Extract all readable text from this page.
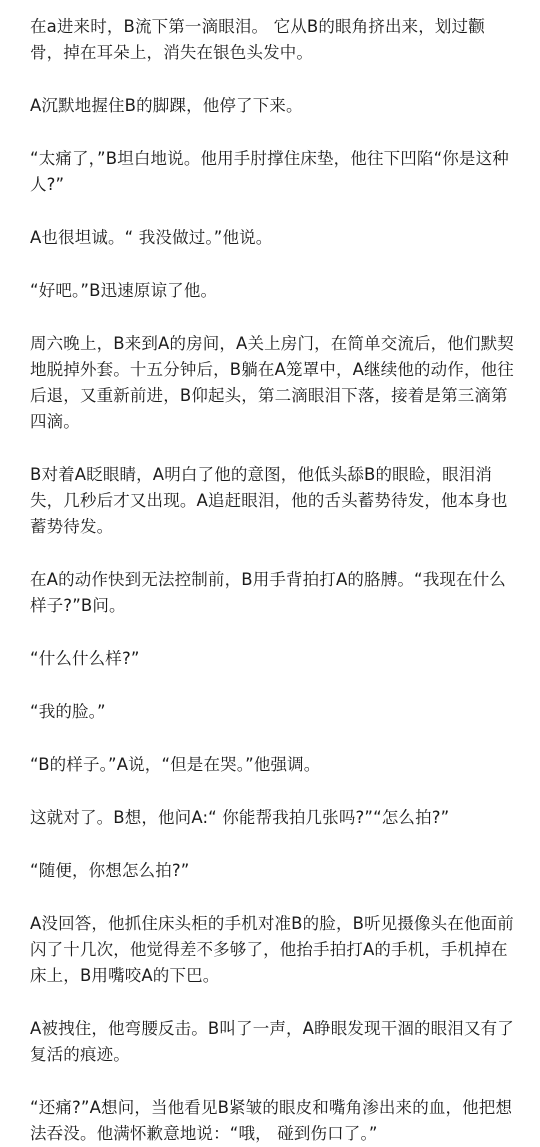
在a进来时，B流下第一滴眼泪。 它从B的眼角挤出来，划过颧骨，掉在耳朵上，消失在银色头发中。

A沉默地握住B的脚踝，他停了下来。

“太痛了，”B坦白地说。他用手肘撑住床垫，他往下凹陷“你是这种人?”

A也很坦诚。“ 我没做过。”他说。

“好吧。”B迅速原谅了他。

周六晚上，B来到A的房间，A关上房门，在简单交流后，他们默契地脱掉外套。十五分钟后，B躺在A笼罩中，A继续他的动作，他往后退，又重新前进，B仰起头，第二滴眼泪下落，接着是第三滴第四滴。

B对着A眨眼睛，A明白了他的意图，他低头舔B的眼睑，眼泪消失，几秒后才又出现。A追赶眼泪，他的舌头蓄势待发，他本身也蓄势待发。

在A的动作快到无法控制前，B用手背拍打A的胳膊。“我现在什么样子?”B问。

“什么什么样?”

“我的脸。”

“B的样子。”A说，“但是在哭。”他强调。

这就对了。B想，他问A:“ 你能帮我拍几张吗?”“怎么拍?”

“随便，你想怎么拍?”

A没回答，他抓住床头柜的手机对准B的脸，B听见摄像头在他面前闪了十几次，他觉得差不多够了，他抬手拍打A的手机，手机掉在床上，B用嘴咬A的下巴。

A被拽住，他弯腰反击。B叫了一声，A睁眼发现干涸的眼泪又有了复活的痕迹。

“还痛?”A想问，当他看见B紧皱的眼皮和嘴角渗出来的血，他把想法吞没。他满怀歉意地说：“哦， 碰到伤口了。”
